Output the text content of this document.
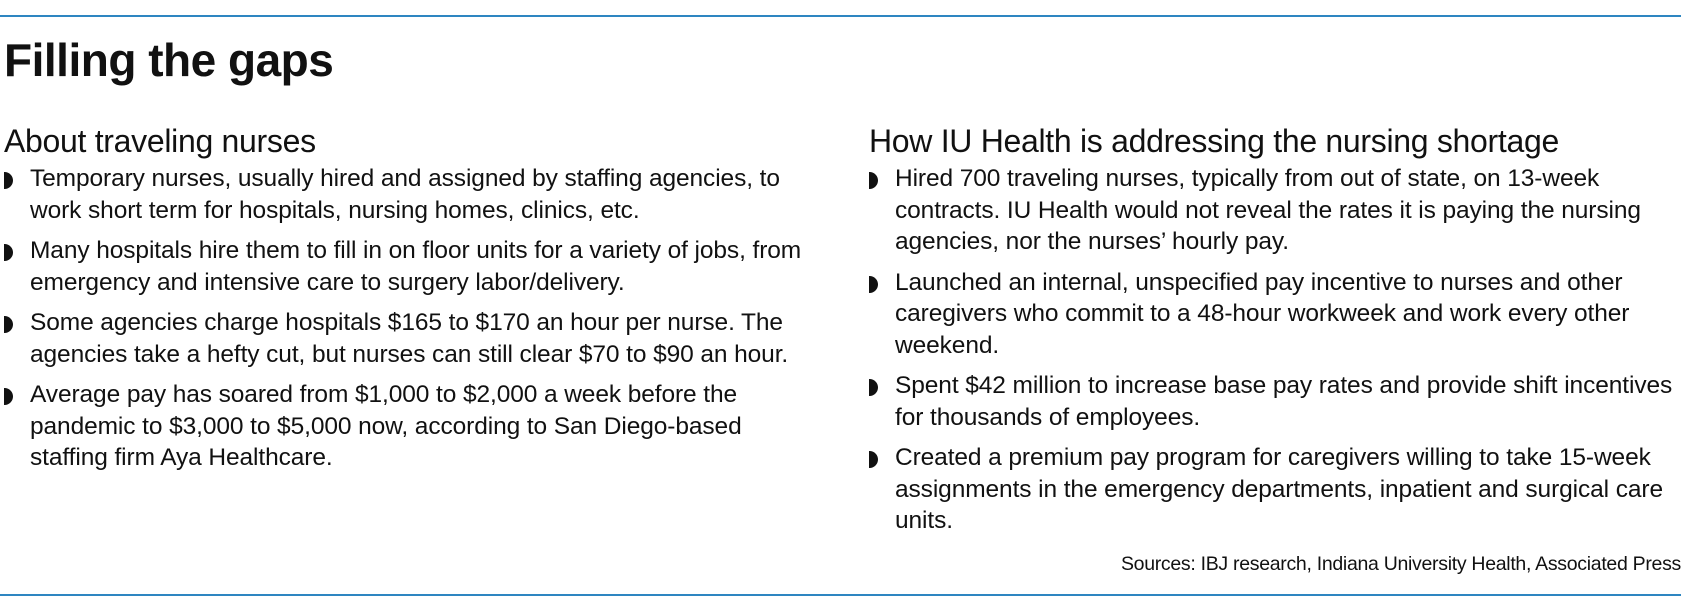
Filling the gaps
About traveling nurses
Temporary nurses, usually hired and assigned by staffing agencies, to work short term for hospitals, nursing homes, clinics, etc.
Many hospitals hire them to fill in on floor units for a variety of jobs, from emergency and intensive care to surgery labor/delivery.
Some agencies charge hospitals $165 to $170 an hour per nurse. The agencies take a hefty cut, but nurses can still clear $70 to $90 an hour.
Average pay has soared from $1,000 to $2,000 a week before the pandemic to $3,000 to $5,000 now, according to San Diego-based staffing firm Aya Healthcare.
How IU Health is addressing the nursing shortage
Hired 700 traveling nurses, typically from out of state, on 13-week contracts. IU Health would not reveal the rates it is paying the nursing agencies, nor the nurses’ hourly pay.
Launched an internal, unspecified pay incentive to nurses and other caregivers who commit to a 48-hour workweek and work every other weekend.
Spent $42 million to increase base pay rates and provide shift incentives for thousands of employees.
Created a premium pay program for caregivers willing to take 15-week assignments in the emergency departments, inpatient and surgical care units.
Sources: IBJ research, Indiana University Health, Associated Press
